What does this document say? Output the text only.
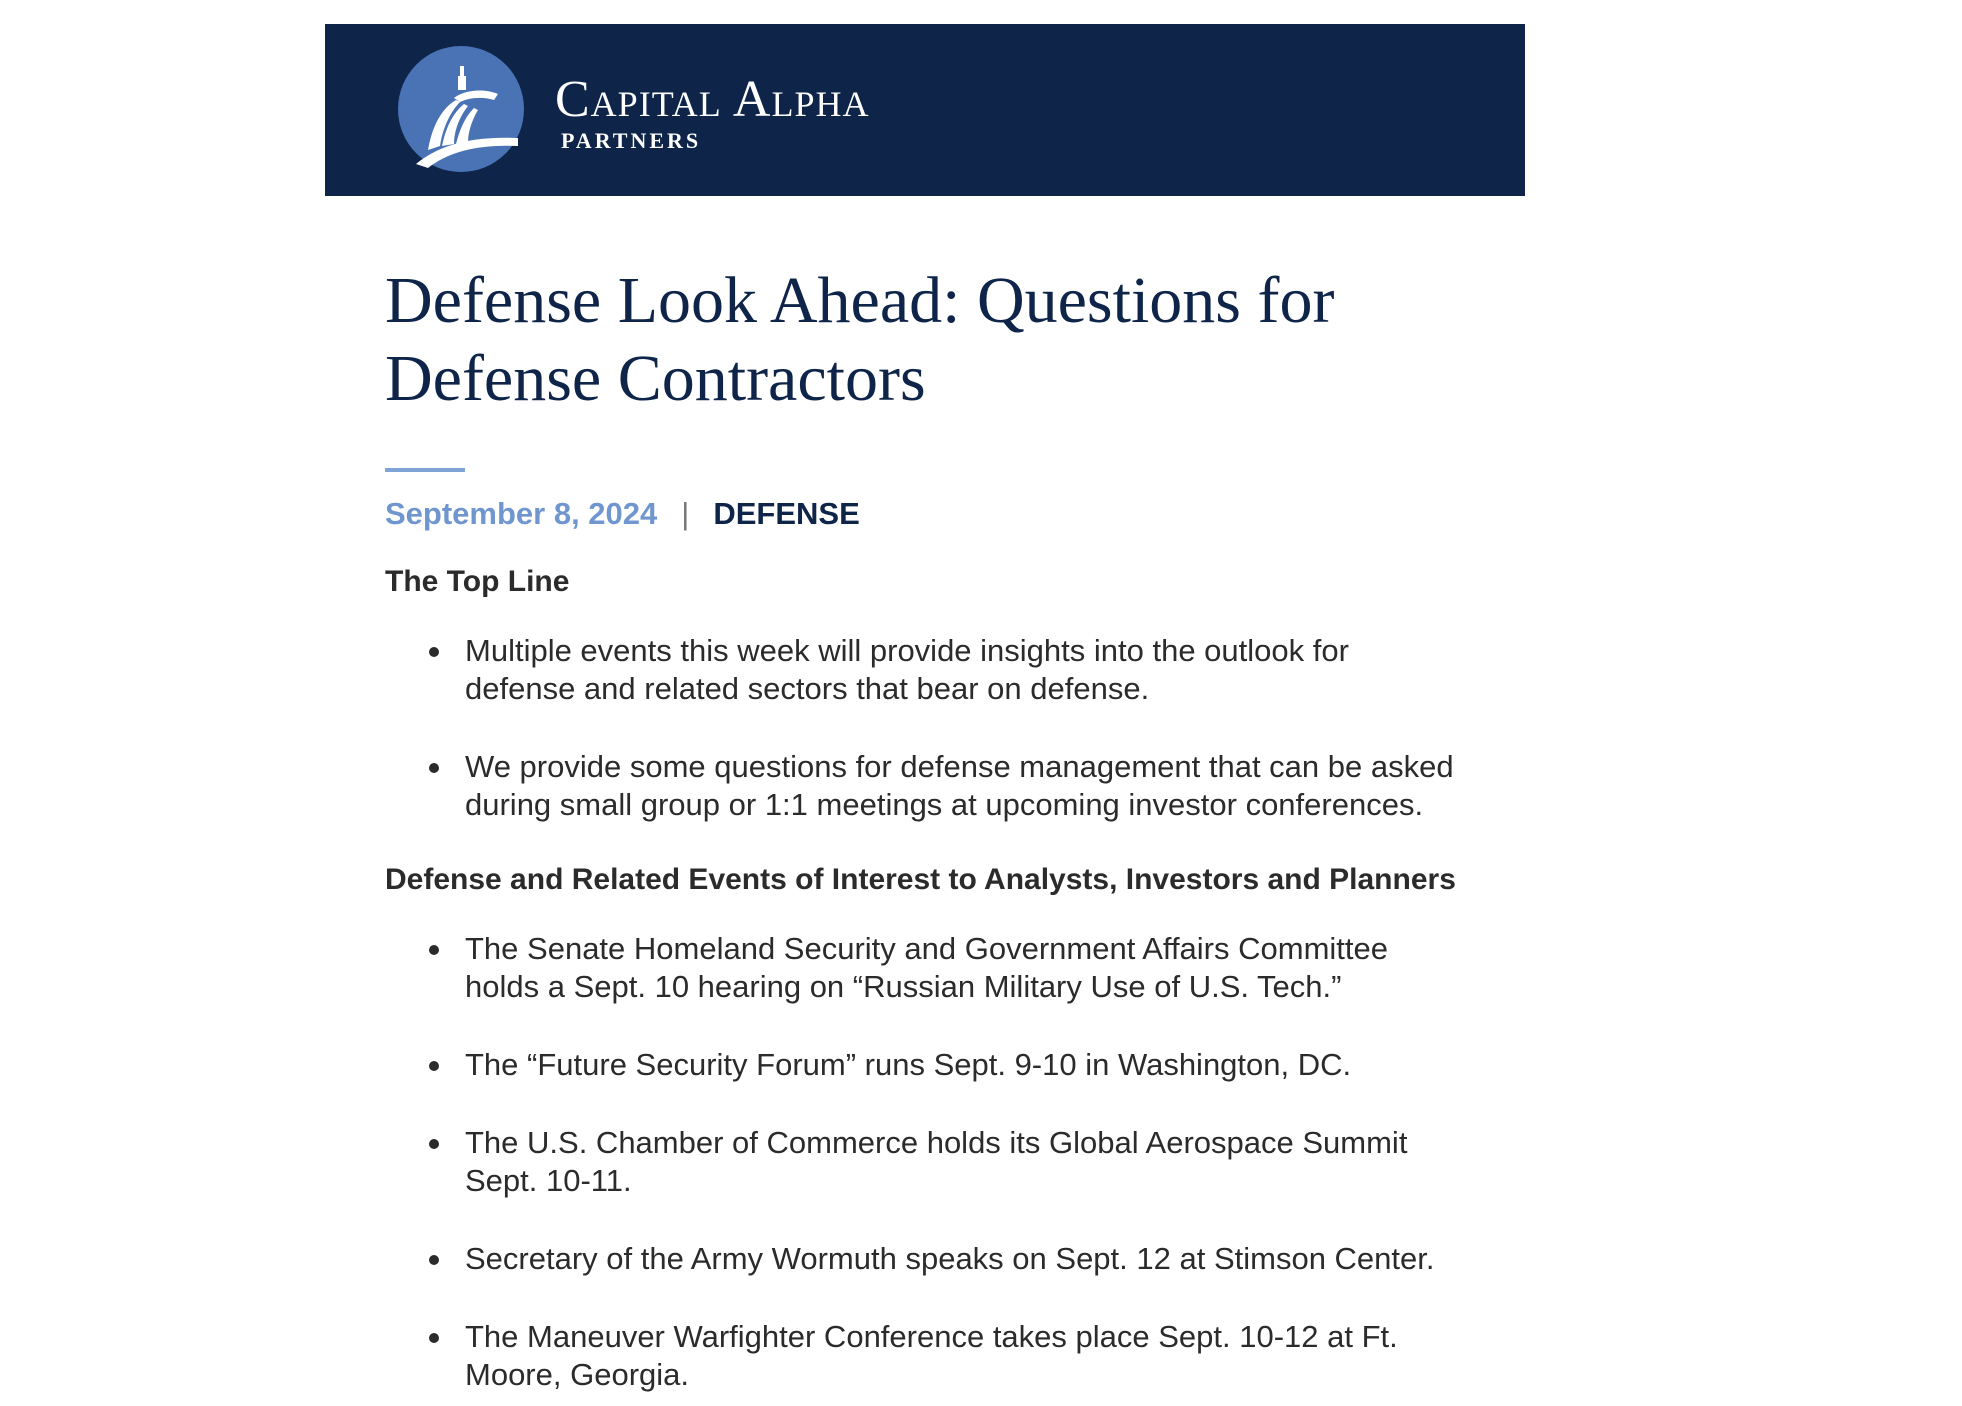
Capital Alpha
PARTNERS
Defense Look Ahead: Questions for Defense Contractors
September 8, 2024 | DEFENSE
The Top Line
Multiple events this week will provide insights into the outlook for defense and related sectors that bear on defense.
We provide some questions for defense management that can be asked during small group or 1:1 meetings at upcoming investor conferences.
Defense and Related Events of Interest to Analysts, Investors and Planners
The Senate Homeland Security and Government Affairs Committee holds a Sept. 10 hearing on “Russian Military Use of U.S. Tech.”
The “Future Security Forum” runs Sept. 9-10 in Washington, DC.
The U.S. Chamber of Commerce holds its Global Aerospace Summit Sept. 10-11.
Secretary of the Army Wormuth speaks on Sept. 12 at Stimson Center.
The Maneuver Warfighter Conference takes place Sept. 10-12 at Ft. Moore, Georgia.
